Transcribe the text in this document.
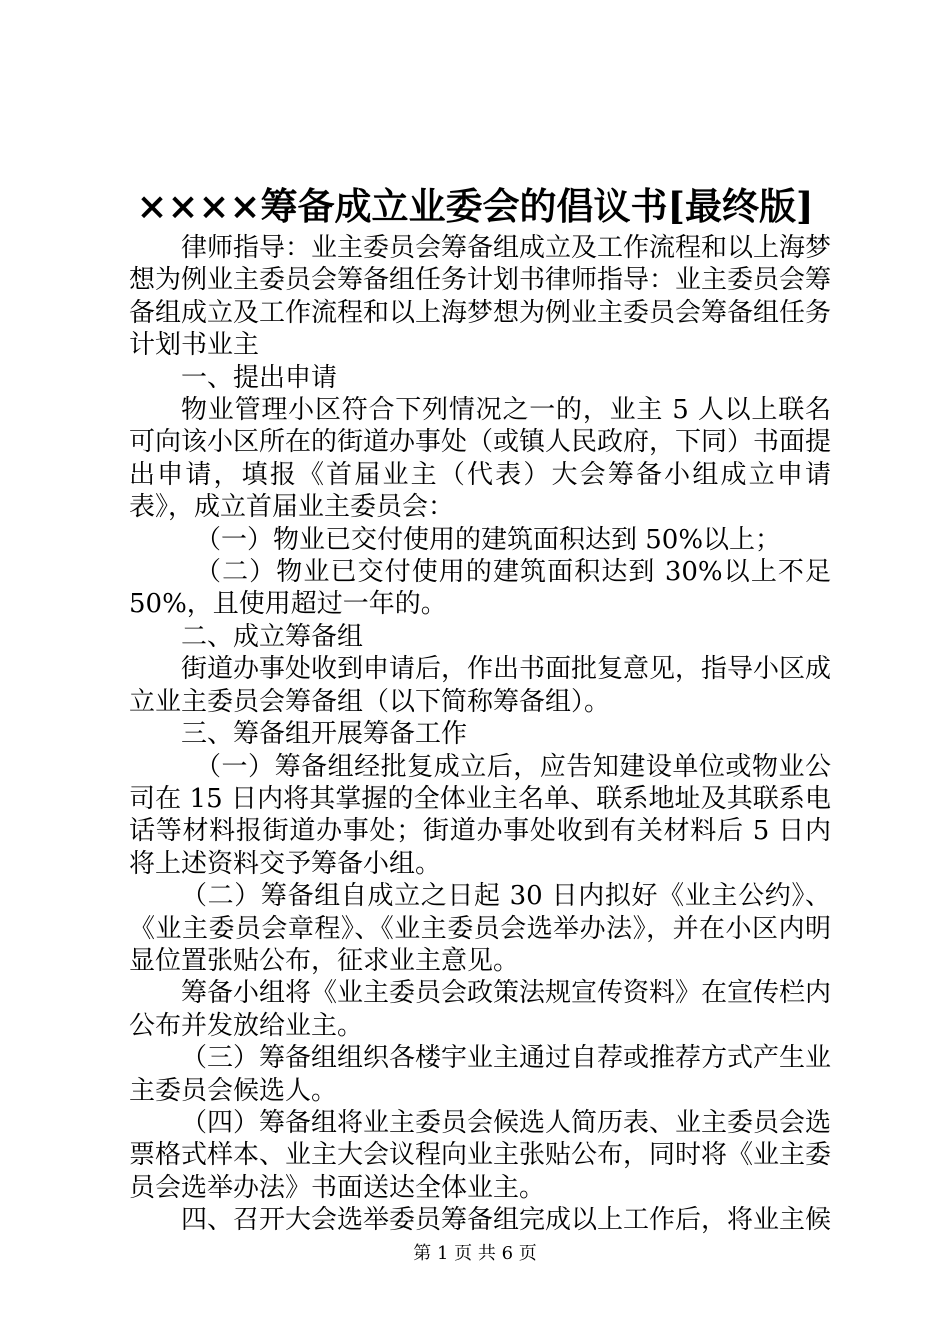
××××筹备成立业委会的倡议书[最终版]

律师指导：业主委员会筹备组成立及工作流程和以上海梦想为例业主委员会筹备组任务计划书律师指导：业主委员会筹备组成立及工作流程和以上海梦想为例业主委员会筹备组任务计划书业主

一、提出申请

物业管理小区符合下列情况之一的，业主 5 人以上联名可向该小区所在的街道办事处（或镇人民政府，下同）书面提出申请，填报《首届业主（代表）大会筹备小组成立申请表》，成立首届业主委员会：

（一）物业已交付使用的建筑面积达到 50%以上；

（二）物业已交付使用的建筑面积达到 30%以上不足 50%，且使用超过一年的。

二、成立筹备组

街道办事处收到申请后，作出书面批复意见，指导小区成立业主委员会筹备组（以下简称筹备组）。

三、筹备组开展筹备工作

（一）筹备组经批复成立后，应告知建设单位或物业公司在 15 日内将其掌握的全体业主名单、联系地址及其联系电话等材料报街道办事处；街道办事处收到有关材料后 5 日内将上述资料交予筹备小组。

（二）筹备组自成立之日起 30 日内拟好《业主公约》、《业主委员会章程》、《业主委员会选举办法》，并在小区内明显位置张贴公布，征求业主意见。

筹备小组将《业主委员会政策法规宣传资料》在宣传栏内公布并发放给业主。

（三）筹备组组织各楼宇业主通过自荐或推荐方式产生业主委员会候选人。

（四）筹备组将业主委员会候选人简历表、业主委员会选票格式样本、业主大会议程向业主张贴公布，同时将《业主委员会选举办法》书面送达全体业主。

四、召开大会选举委员筹备组完成以上工作后，将业主候

第 1 页 共 6 页
